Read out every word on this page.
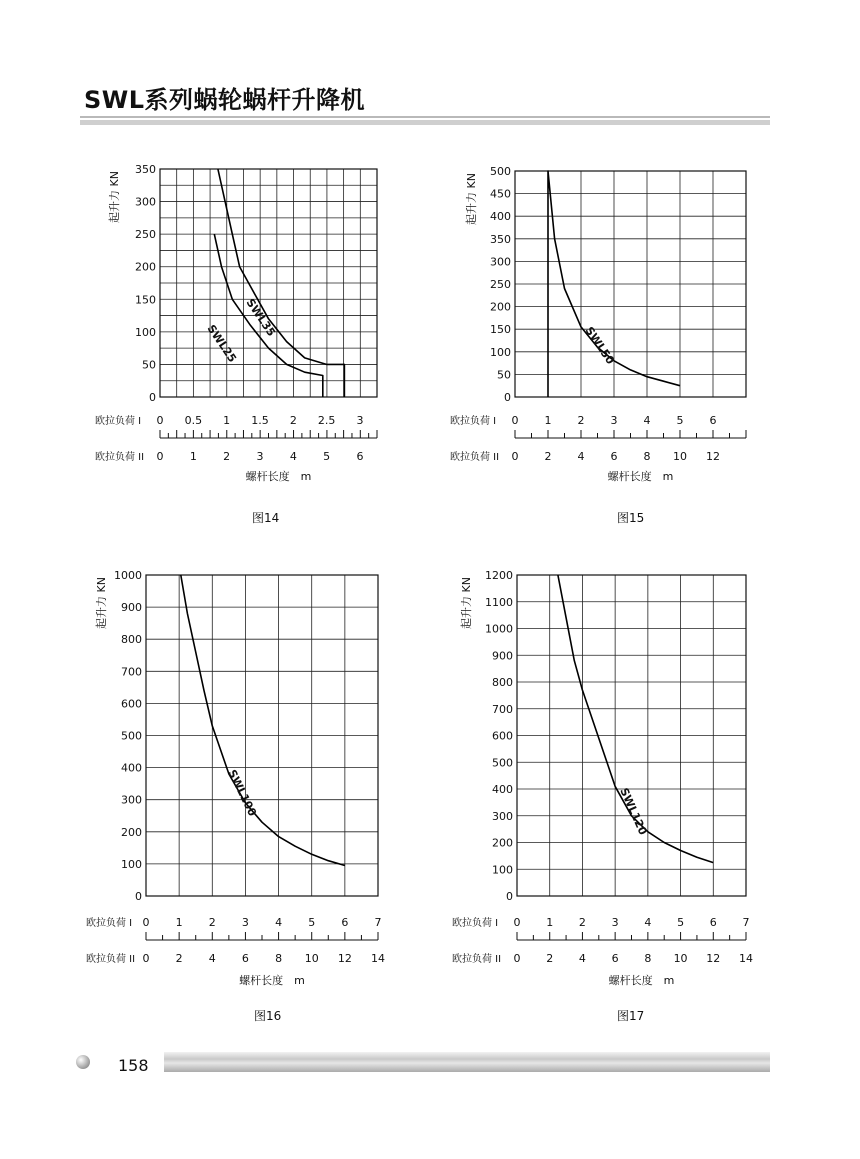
SWL系列蜗轮蜗杆升降机
350
300
250
200
150
100
50
0
起升力 KN
欧拉负荷 I 0 0.5 1 1.5 2 2.5 3
欧拉负荷 II 0 1 2 3 4 5 6
螺杆长度　m
SWL35
SWL25
500
450
400
350
300
250
200
150
100
50
0
起升力 KN
欧拉负荷 I 0 1 2 3 4 5 6
欧拉负荷 II 0 2 4 6 8 10 12
螺杆长度　m
SWL50
1000
900
800
700
600
500
400
300
200
100
0
起升力 KN
欧拉负荷 I 0 1 2 3 4 5 6 7
欧拉负荷 II 0 2 4 6 8 10 12 14
螺杆长度　m
SWL100
1200
1100
1000
900
800
700
600
500
400
300
200
100
0
起升力 KN
欧拉负荷 I 0 1 2 3 4 5 6 7
欧拉负荷 II 0 2 4 6 8 10 12 14
螺杆长度　m
SWL120
图14	图15
图16	图17
158
